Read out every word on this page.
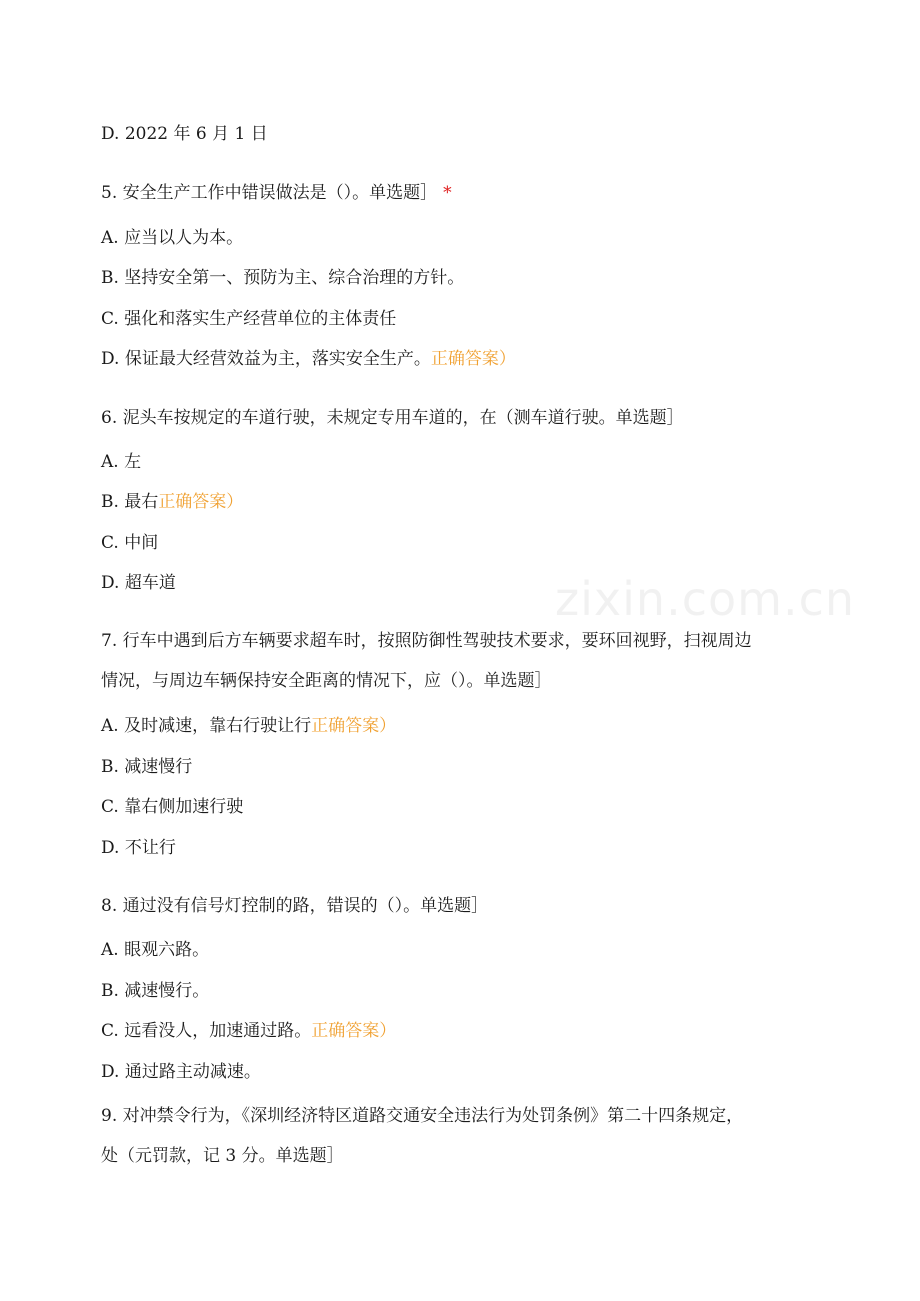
zixin.com.cn
D. 2022 年 6 月 1 日
5. 安全生产工作中错误做法是（）。单选题］ *
A. 应当以人为本。
B. 坚持安全第一、预防为主、综合治理的方针。
C. 强化和落实生产经营单位的主体责任
D. 保证最大经营效益为主，落实安全生产。正确答案）
6. 泥头车按规定的车道行驶，未规定专用车道的，在（测车道行驶。单选题］
A. 左
B. 最右正确答案）
C. 中间
D. 超车道
7. 行车中遇到后方车辆要求超车时，按照防御性驾驶技术要求，要环回视野，扫视周边
情况，与周边车辆保持安全距离的情况下，应（）。单选题］
A. 及时减速，靠右行驶让行正确答案）
B. 减速慢行
C. 靠右侧加速行驶
D. 不让行
8. 通过没有信号灯控制的路，错误的（）。单选题］
A. 眼观六路。
B. 减速慢行。
C. 远看没人，加速通过路。正确答案）
D. 通过路主动减速。
9. 对冲禁令行为，《深圳经济特区道路交通安全违法行为处罚条例》第二十四条规定，
处（元罚款，记 3 分。单选题］
